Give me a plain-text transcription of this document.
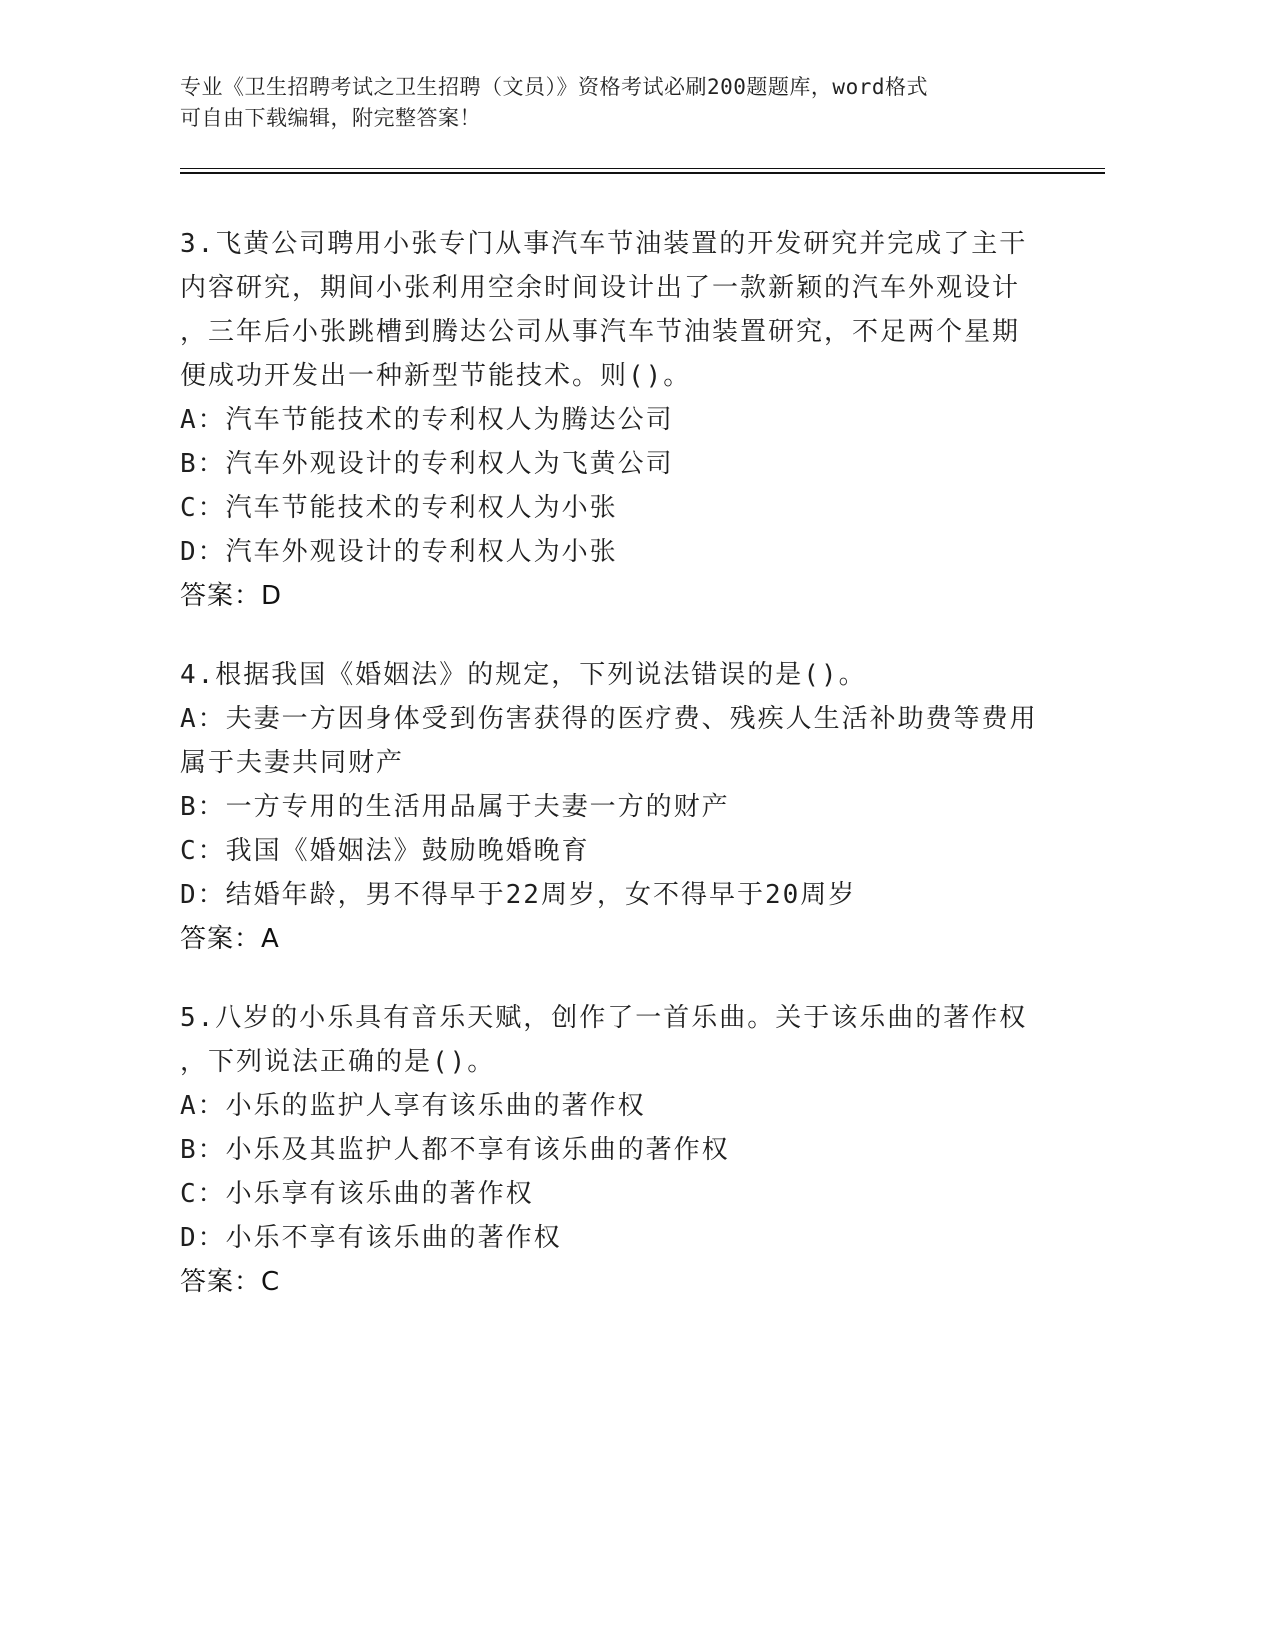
专业《卫生招聘考试之卫生招聘（文员）》资格考试必刷200题题库，word格式
可自由下载编辑，附完整答案！
3.飞黄公司聘用小张专门从事汽车节油装置的开发研究并完成了主干
内容研究，期间小张利用空余时间设计出了一款新颖的汽车外观设计
，三年后小张跳槽到腾达公司从事汽车节油装置研究，不足两个星期
便成功开发出一种新型节能技术。则()。
A：汽车节能技术的专利权人为腾达公司
B：汽车外观设计的专利权人为飞黄公司
C：汽车节能技术的专利权人为小张
D：汽车外观设计的专利权人为小张
答案：D
4.根据我国《婚姻法》的规定，下列说法错误的是()。
A：夫妻一方因身体受到伤害获得的医疗费、残疾人生活补助费等费用
属于夫妻共同财产
B：一方专用的生活用品属于夫妻一方的财产
C：我国《婚姻法》鼓励晚婚晚育
D：结婚年龄，男不得早于22周岁，女不得早于20周岁
答案：A
5.八岁的小乐具有音乐天赋，创作了一首乐曲。关于该乐曲的著作权
，下列说法正确的是()。
A：小乐的监护人享有该乐曲的著作权
B：小乐及其监护人都不享有该乐曲的著作权
C：小乐享有该乐曲的著作权
D：小乐不享有该乐曲的著作权
答案：C
